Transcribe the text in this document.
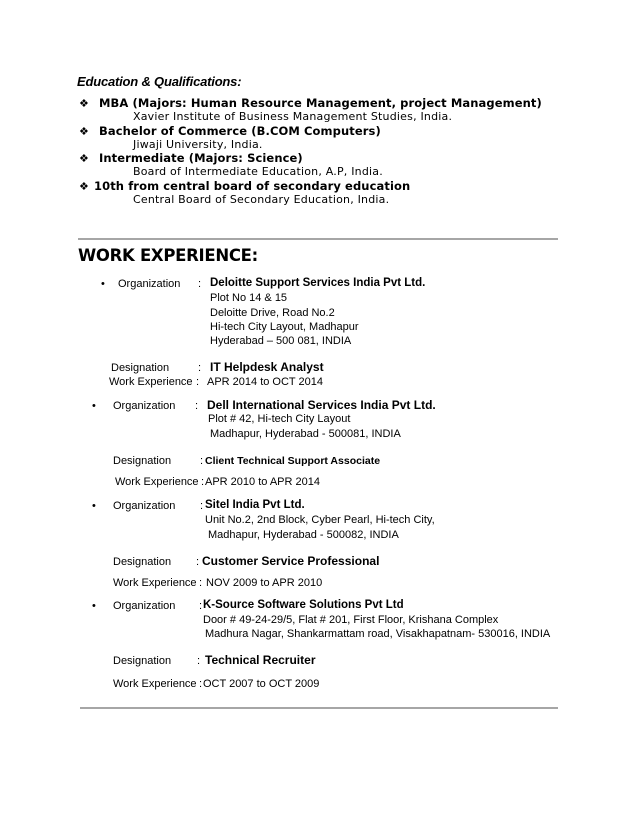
Education & Qualifications:
❖ MBA (Majors: Human Resource Management, project Management)
Xavier Institute of Business Management Studies, India.
❖ Bachelor of Commerce (B.COM Computers)
Jiwaji University, India.
❖ Intermediate (Majors: Science)
Board of Intermediate Education, A.P, India.
❖ 10th from central board of secondary education
Central Board of Secondary Education, India.
WORK EXPERIENCE:
• Organization : Deloitte Support Services India Pvt Ltd.
Plot No 14 & 15
Deloitte Drive, Road No.2
Hi-tech City Layout, Madhapur
Hyderabad – 500 081, INDIA
Designation	: IT Helpdesk Analyst
Work Experience : APR 2014 to OCT 2014
• Organization : Dell International Services India Pvt Ltd.
Plot # 42, Hi-tech City Layout
Madhapur, Hyderabad - 500081, INDIA
Designation	: Client Technical Support Associate
Work Experience : APR 2010 to APR 2014
• Organization : Sitel India Pvt Ltd.
Unit No.2, 2nd Block, Cyber Pearl, Hi-tech City,
Madhapur, Hyderabad - 500082, INDIA
Designation : Customer Service Professional
Work Experience : NOV 2009 to APR 2010
• Organization : K-Source Software Solutions Pvt Ltd
Door # 49-24-29/5, Flat # 201, First Floor, Krishana Complex
Madhura Nagar, Shankarmattam road, Visakhapatnam- 530016, INDIA
Designation : Technical Recruiter
Work Experience : OCT 2007 to OCT 2009
